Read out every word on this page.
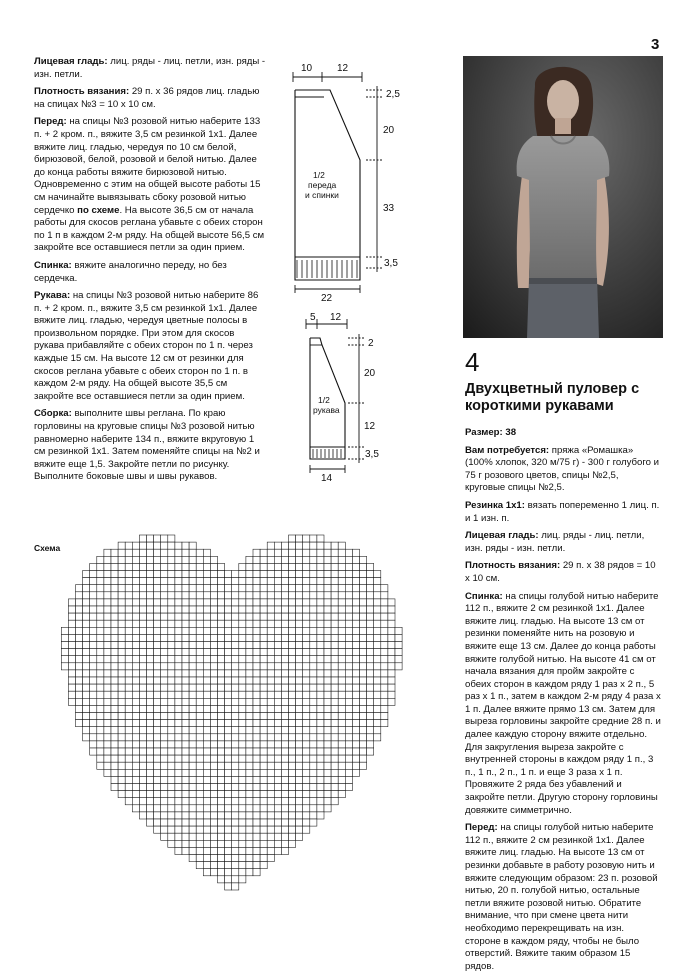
3

Лицевая гладь: лиц. ряды - лиц. петли, изн. ряды - изн. петли.

Плотность вязания: 29 п. х 36 рядов лиц. гладью на спицах №3 = 10 х 10 см.

Перед: на спицы №3 розовой нитью наберите 133 п. + 2 кром. п., вяжите 3,5 см резинкой 1х1. Далее вяжите лиц. гладью, чередуя по 10 см белой, бирюзовой, белой, розовой и белой нитью. Далее до конца работы вяжите бирюзовой нитью. Одновременно с этим на общей высоте работы 15 см начинайте вывязывать сбоку розовой нитью сердечко по схеме. На высоте 36,5 см от начала работы для скосов реглана убавьте с обеих сторон по 1 п в каждом 2-м ряду. На общей высоте 56,5 см закройте все оставшиеся петли за один прием.

Спинка: вяжите аналогично переду, но без сердечка.

Рукава: на спицы №3 розовой нитью наберите 86 п. + 2 кром. п., вяжите 3,5 см резинкой 1х1. Далее вяжите лиц. гладью, чередуя цветные полосы в произвольном порядке. При этом для скосов рукава прибавляйте с обеих сторон по 1 п. через каждые 15 см. На высоте 12 см от резинки для скосов реглана убавьте с обеих сторон по 1 п. в каждом 2-м ряду. На общей высоте 35,5 см закройте все оставшиеся петли за один прием.

Сборка: выполните швы реглана. По краю горловины на круговые спицы №3 розовой нитью равномерно наберите 134 п., вяжите вкруговую 1 см резинкой 1х1. Затем поменяйте спицы на №2 и вяжите еще 1,5. Закройте петли по рисунку. Выполните боковые швы и швы рукавов.

10 12
2,5
20
33
3,5
22
1/2
переда
и спинки
5 12
2
20
12
3,5
14
1/2
рукава
4
Двухцветный пуловер с короткими рукавами

Размер: 38

Вам потребуется: пряжа «Ромашка» (100% хлопок, 320 м/75 г) - 300 г голубого и 75 г розового цветов, спицы №2,5, круговые спицы №2,5.

Резинка 1х1: вязать попеременно 1 лиц. п. и 1 изн. п.

Лицевая гладь: лиц. ряды - лиц. петли, изн. ряды - изн. петли.

Плотность вязания: 29 п. х 38 рядов = 10 х 10 см.

Спинка: на спицы голубой нитью наберите 112 п., вяжите 2 см резинкой 1х1. Далее вяжите лиц. гладью. На высоте 13 см от резинки поменяйте нить на розовую и вяжите еще 13 см. Далее до конца работы вяжите голубой нитью. На высоте 41 см от начала вязания для пройм закройте с обеих сторон в каждом ряду 1 раз х 2 п., 5 раз х 1 п., затем в каждом 2-м ряду 4 раза х 1 п. Далее вяжите прямо 13 см. Затем для выреза горловины закройте средние 28 п. и далее каждую сторону вяжите отдельно. Для закругления выреза закройте с внутренней стороны в каждом ряду 1 п., 3 п., 1 п., 2 п., 1 п. и еще 3 раза х 1 п. Провяжите 2 ряда без убавлений и закройте петли. Другую сторону горловины довяжите симметрично.

Перед: на спицы голубой нитью наберите 112 п., вяжите 2 см резинкой 1х1. Далее вяжите лиц. гладью. На высоте 13 см от резинки добавьте в работу розовую нить и вяжите следующим образом: 23 п. розовой нитью, 20 п. голубой нитью, остальные петли вяжите розовой нитью. Обратите внимание, что при смене цвета нити необходимо перекрещивать на изн. стороне в каждом ряду, чтобы не было отверстий. Вяжите таким образом 15 рядов.

Схема
